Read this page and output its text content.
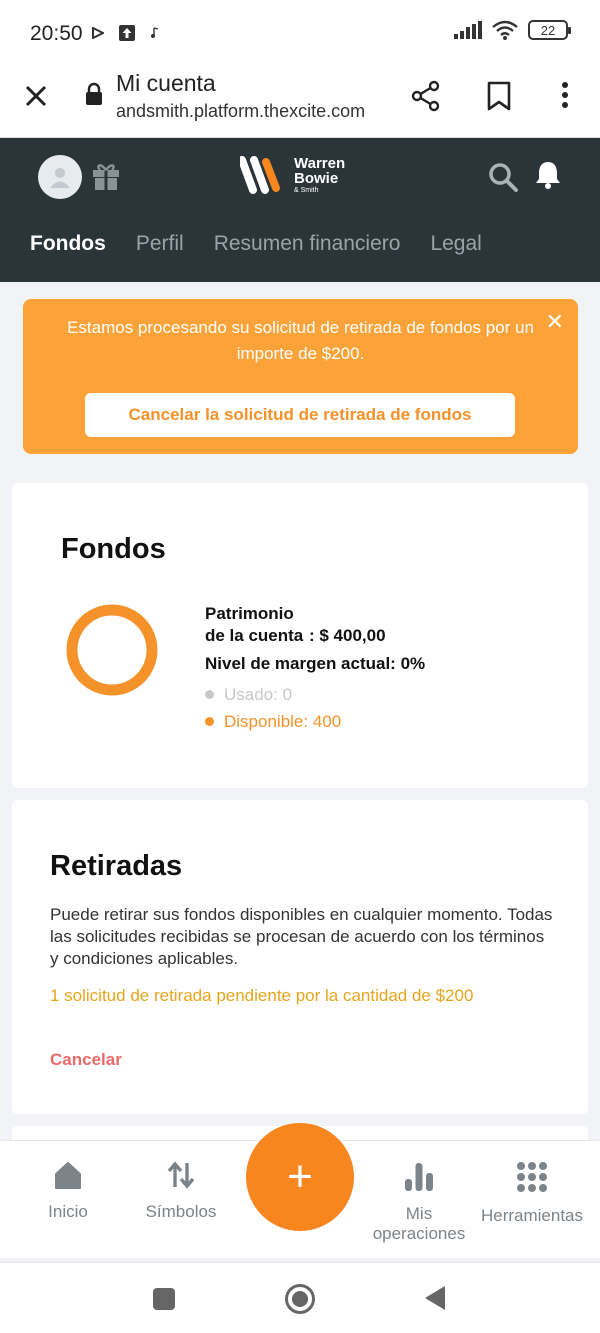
20:50	22
Mi cuenta
andsmith.platform.thexcite.com
Warren
Bowie
& Smith
Fondos Perfil Resumen financiero Legal
Estamos procesando su solicitud de retirada de fondos por un importe de $200.
✕
Cancelar la solicitud de retirada de fondos
Fondos
Patrimonio de la cuenta : $ 400,00
Nivel de margen actual: 0%
Usado: 0
Disponible: 400
Retiradas
Puede retirar sus fondos disponibles en cualquier momento. Todas las solicitudes recibidas se procesan de acuerdo con los términos y condiciones aplicables.
1 solicitud de retirada pendiente por la cantidad de $200
Cancelar
Inicio	Símbolos	Mis operaciones
Herramientas
+
